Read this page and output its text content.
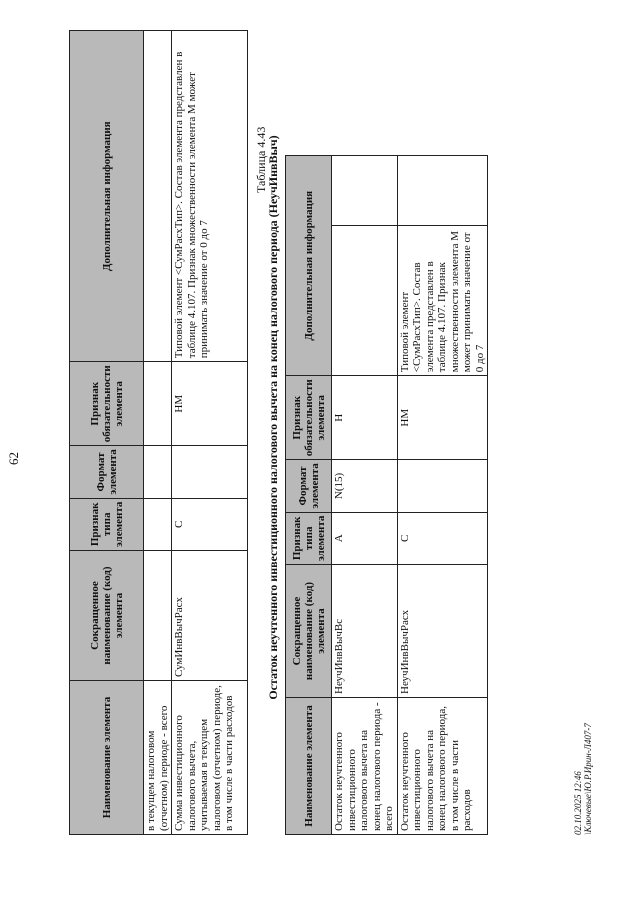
62
Наименование элемента	Сокращенное наименование (код) элемента	Признак типа элемента	Формат элемента	Признак обязательности элемента	Дополнительная информация
в текущем налоговом (отчетном) периоде - всего					
Сумма инвестиционного налогового вычета, учитываемая в текущем налоговом (отчетном) периоде, в том числе в части расходов	СумИнвВычРасх	С		НМ	Типовой элемент <СумРасхТип>. Состав элемента представлен в таблице 4.107. Признак множественности элемента М может принимать значение от 0 до 7
Таблица 4.43
Остаток неучтенного инвестиционного налогового вычета на конец налогового периода (НеучИнвВыч)
Наименование элемента	Сокращенное наименование (код) элемента	Признак типа элемента	Формат элемента	Признак обязательности элемента	Дополнительная информация	
Остаток неучтенного инвестиционного налогового вычета на конец налогового периода - всего	НеучИнвВычВс	А	N(15)	Н		
Остаток неучтенного инвестиционного налогового вычета на конец налогового периода, в том числе в части расходов	НеучИнвВычРасх	С		НМ	Типовой элемент <СумРасхТип>. Состав элемента представлен в таблице 4.107. Признак множественности элемента М может принимать значение от 0 до 7	
02.10.2025 12:46 \Ключевые\Ю.Р.Ирин-Л407-7
